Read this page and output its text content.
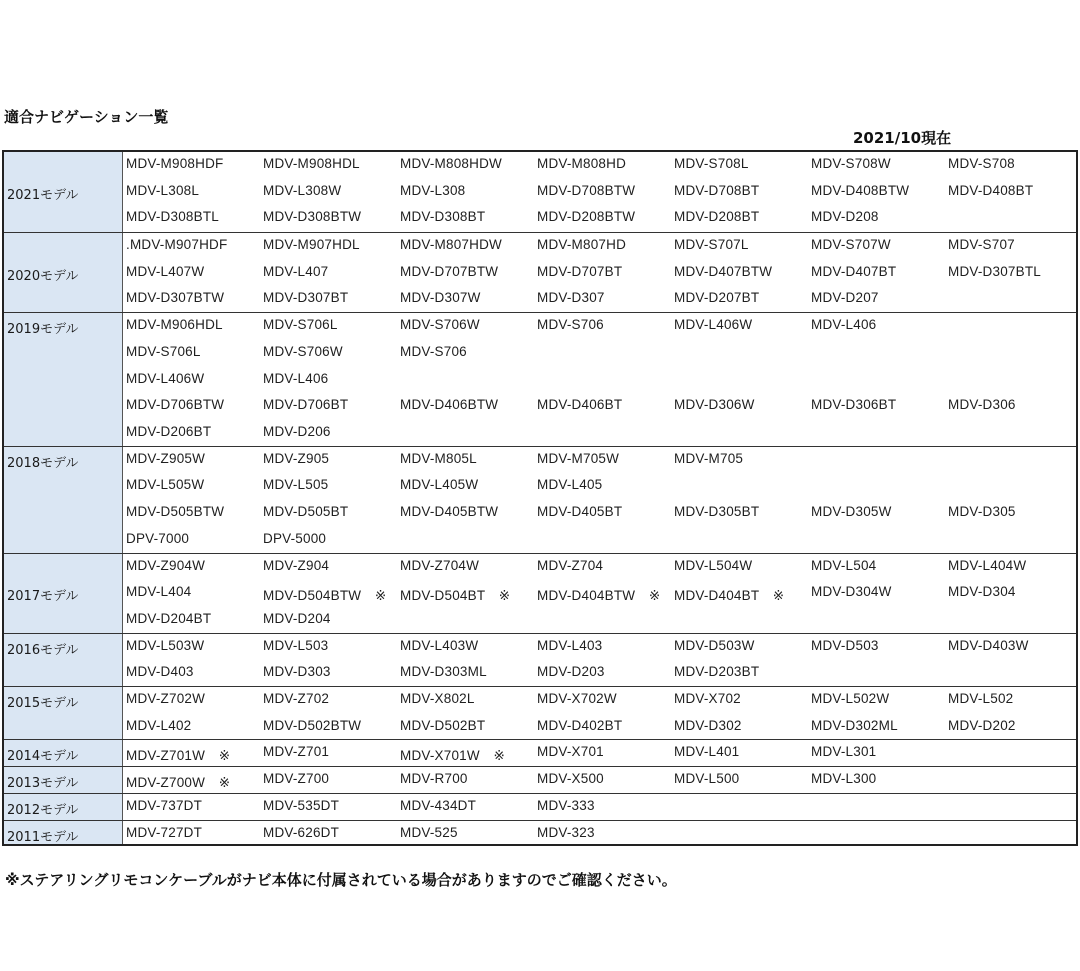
適合ナビゲーション一覧
2021/10現在
2021モデル
MDV-M908HDF	MDV-M908HDL	MDV-M808HDW	MDV-M808HD	MDV-S708L	MDV-S708W	MDV-S708
MDV-L308L	MDV-L308W	MDV-L308	MDV-D708BTW	MDV-D708BT	MDV-D408BTW	MDV-D408BT
MDV-D308BTL	MDV-D308BTW	MDV-D308BT	MDV-D208BTW	MDV-D208BT	MDV-D208
2020モデル
.MDV-M907HDF	MDV-M907HDL	MDV-M807HDW	MDV-M807HD	MDV-S707L	MDV-S707W	MDV-S707
MDV-L407W	MDV-L407	MDV-D707BTW	MDV-D707BT	MDV-D407BTW	MDV-D407BT	MDV-D307BTL
MDV-D307BTW	MDV-D307BT	MDV-D307W	MDV-D307	MDV-D207BT	MDV-D207
2019モデル	MDV-M906HDL	MDV-S706L	MDV-S706W	MDV-S706	MDV-L406W	MDV-L406
MDV-S706L	MDV-S706W	MDV-S706
MDV-L406W	MDV-L406
MDV-D706BTW	MDV-D706BT	MDV-D406BTW	MDV-D406BT	MDV-D306W	MDV-D306BT	MDV-D306
MDV-D206BT	MDV-D206
2018モデル	MDV-Z905W	MDV-Z905	MDV-M805L	MDV-M705W	MDV-M705
MDV-L505W	MDV-L505	MDV-L405W	MDV-L405
MDV-D505BTW	MDV-D505BT	MDV-D405BTW	MDV-D405BT	MDV-D305BT	MDV-D305W	MDV-D305
DPV-7000	DPV-5000
2017モデル
MDV-Z904W	MDV-Z904	MDV-Z704W	MDV-Z704	MDV-L504W	MDV-L504	MDV-L404W
MDV-L404	MDV-D504BTW　※ MDV-D504BT　※ MDV-D404BTW　※ MDV-D404BT　※ MDV-D304W	MDV-D304
MDV-D204BT	MDV-D204
2016モデル	MDV-L503W	MDV-L503	MDV-L403W	MDV-L403	MDV-D503W	MDV-D503	MDV-D403W
MDV-D403	MDV-D303	MDV-D303ML	MDV-D203	MDV-D203BT
2015モデル	MDV-Z702W	MDV-Z702	MDV-X802L	MDV-X702W	MDV-X702	MDV-L502W	MDV-L502
MDV-L402	MDV-D502BTW	MDV-D502BT	MDV-D402BT	MDV-D302	MDV-D302ML	MDV-D202
2014モデル	MDV-Z701W　※ MDV-Z701	MDV-X701W　※ MDV-X701	MDV-L401	MDV-L301
2013モデル	MDV-Z700W　※ MDV-Z700	MDV-R700	MDV-X500	MDV-L500	MDV-L300
2012モデル	MDV-737DT	MDV-535DT	MDV-434DT	MDV-333
2011モデル	MDV-727DT	MDV-626DT	MDV-525	MDV-323
※ステアリングリモコンケーブルがナビ本体に付属されている場合がありますのでご確認ください。
